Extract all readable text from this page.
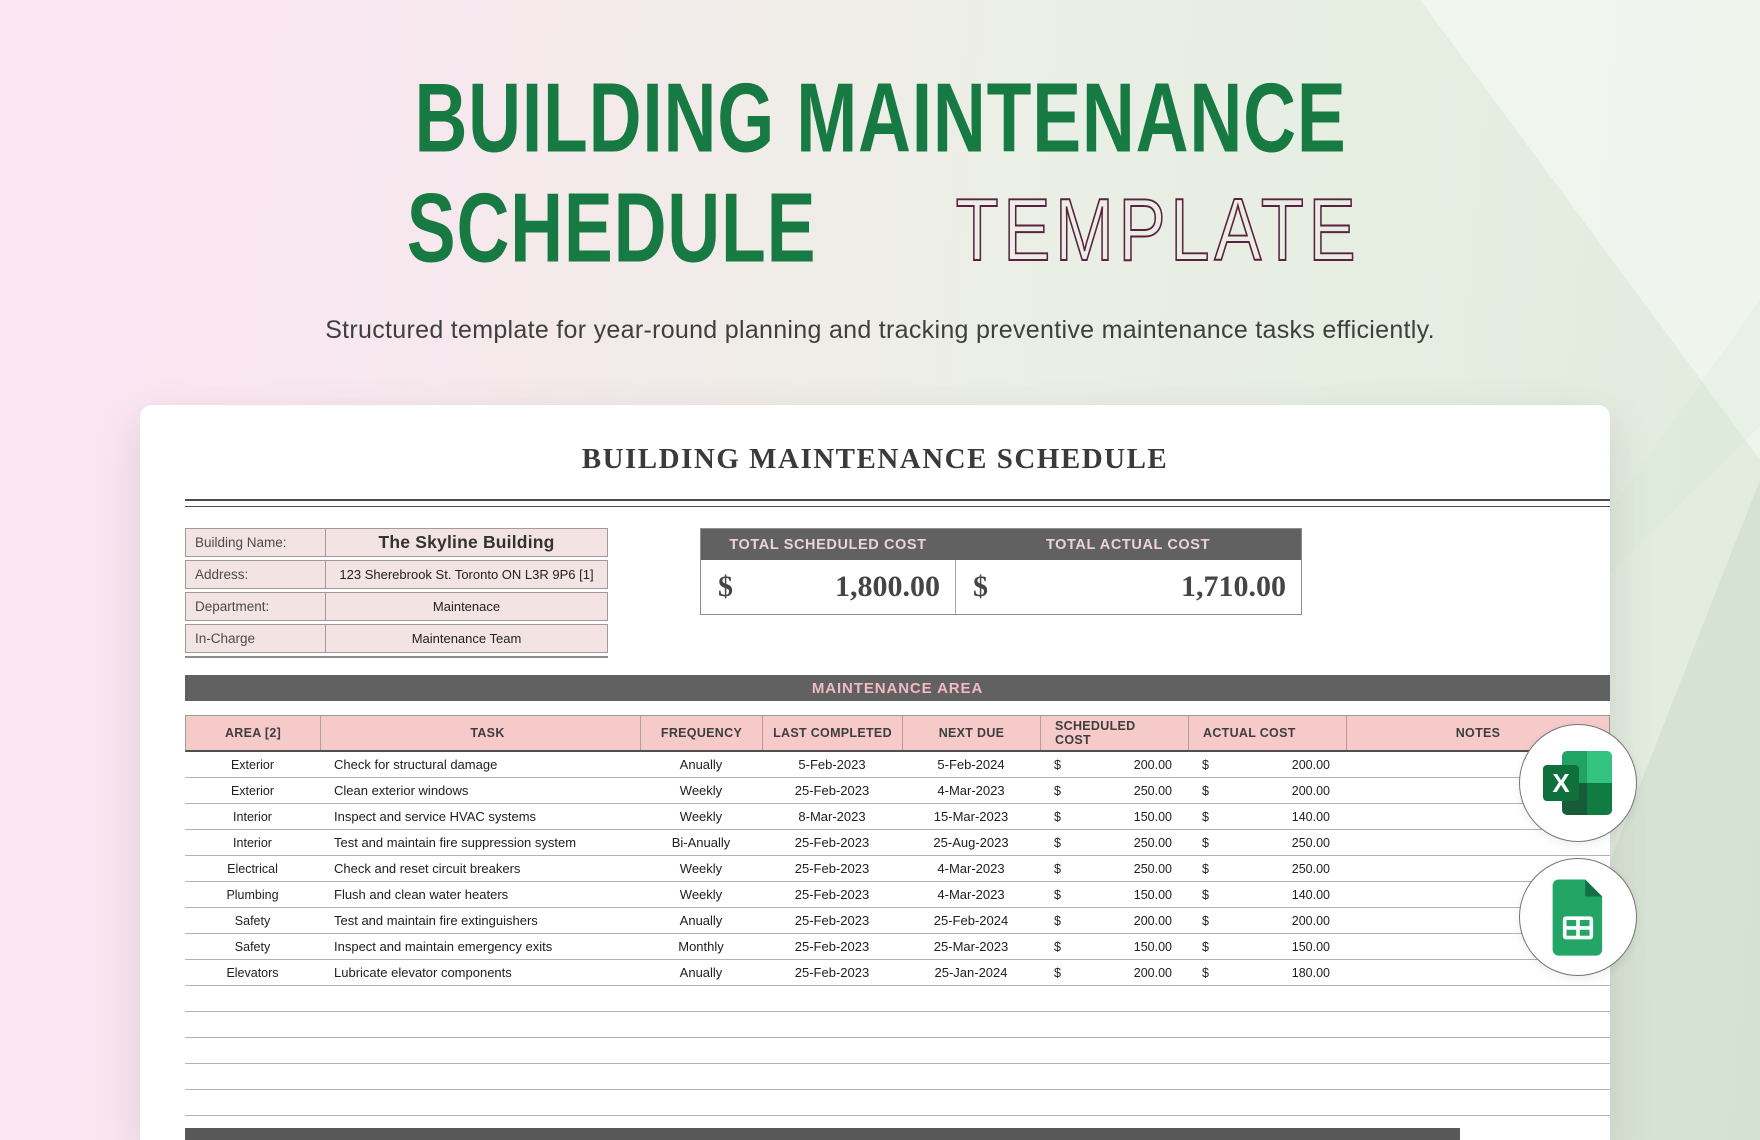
BUILDING MAINTENANCE
SCHEDULE TEMPLATE

Structured template for year-round planning and tracking preventive maintenance tasks efficiently.

BUILDING MAINTENANCE SCHEDULE
Building Name:	The Skyline Building
Address:	123 Sherebrook St. Toronto ON L3R 9P6 [1]
Department:	Maintenace
In-Charge	Maintenance Team
TOTAL SCHEDULED COST	TOTAL ACTUAL COST
$	1,800.00 $	1,710.00
MAINTENANCE AREA
AREA [2]	TASK	FREQUENCY	LAST COMPLETED	NEXT DUE	SCHEDULED COST	ACTUAL COST	NOTES
Exterior	Check for structural damage	Anually	5-Feb-2023	5-Feb-2024	$	200.00 $	200.00
Exterior	Clean exterior windows	Weekly	25-Feb-2023	4-Mar-2023	$	250.00 $	200.00
Interior	Inspect and service HVAC systems	Weekly	8-Mar-2023	15-Mar-2023	$	150.00 $	140.00
Interior	Test and maintain fire suppression system	Bi-Anually	25-Feb-2023	25-Aug-2023	$	250.00 $	250.00
Electrical	Check and reset circuit breakers	Weekly	25-Feb-2023	4-Mar-2023	$	250.00 $	250.00
Plumbing	Flush and clean water heaters	Weekly	25-Feb-2023	4-Mar-2023	$	150.00 $	140.00
Safety	Test and maintain fire extinguishers	Anually	25-Feb-2023	25-Feb-2024	$	200.00 $	200.00
Safety	Inspect and maintain emergency exits	Monthly	25-Feb-2023	25-Mar-2023	$	150.00 $	150.00
Elevators	Lubricate elevator components	Anually	25-Feb-2023	25-Jan-2024	$	200.00 $	180.00
X
